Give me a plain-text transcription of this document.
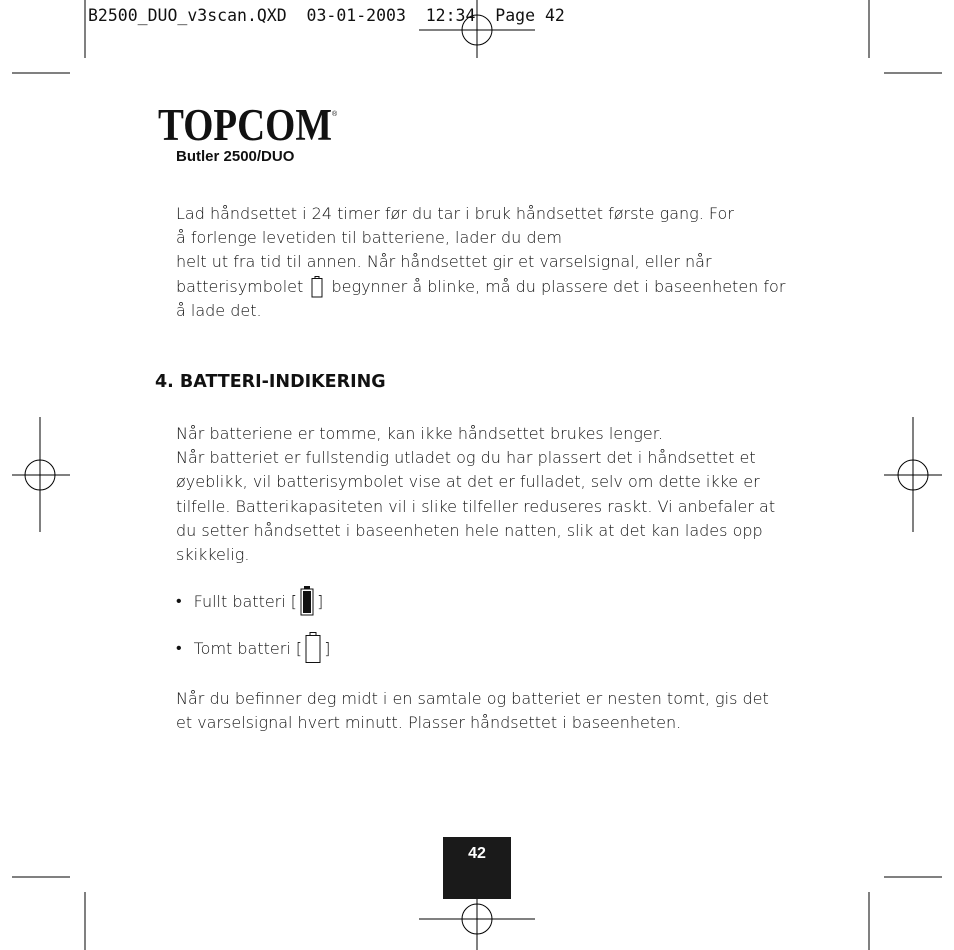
B2500_DUO_v3scan.QXD  03-01-2003  12:34  Page 42
TOPCOM ®
Butler 2500/DUO
Lad håndsettet i 24 timer før du tar i bruk håndsettet første gang. For
å forlenge levetiden til batteriene, lader du dem
helt ut fra tid til annen. Når håndsettet gir et varselsignal, eller når
batterisymbolet begynner å blinke, må du plassere det i baseenheten for
å lade det.
4. BATTERI-INDIKERING
Når batteriene er tomme, kan ikke håndsettet brukes lenger.
Når batteriet er fullstendig utladet og du har plassert det i håndsettet et
øyeblikk, vil batterisymbolet vise at det er fulladet, selv om dette ikke er
tilfelle. Batterikapasiteten vil i slike tilfeller reduseres raskt. Vi anbefaler at
du setter håndsettet i baseenheten hele natten, slik at det kan lades opp
skikkelig.
• Fullt batteri [ ]
• Tomt batteri [ ]
Når du befinner deg midt i en samtale og batteriet er nesten tomt, gis det
et varselsignal hvert minutt. Plasser håndsettet i baseenheten.
42
